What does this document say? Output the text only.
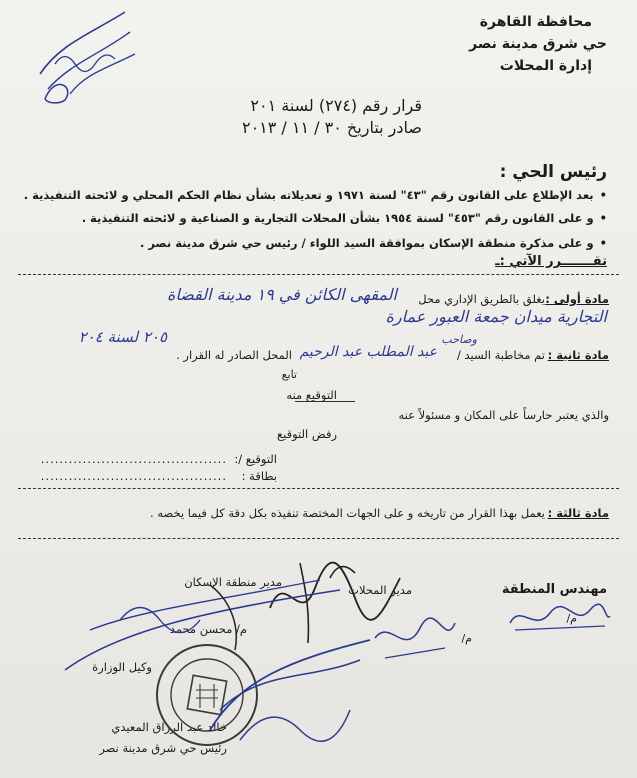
محافظة القاهرة
حي شرق مدينة نصر
إدارة المحلات
قرار رقم (٢٧٤) لسنة ٢٠١
صادر بتاريخ ٣٠ / ١١ / ٢٠١٣
رئيس الحي :
• بعد الإطلاع على القانون رقم "٤٣" لسنة ١٩٧١ و تعديلاته بشأن نظام الحكم المحلي و لائحته التنفيذية .
• و على القانون رقم "٤٥٣" لسنة ١٩٥٤ بشأن المحلات التجارية و الصناعية و لائحته التنفيذية .
• و على مذكرة منطقة الإسكان بموافقة السيد اللواء / رئيس حي شرق مدينة نصر .
تقـــــــرر الآتي :ـ
مادة أولى :
يغلق بالطريق الإداري محل
المقهى الكائن في ١٩ مدينة القضاة
التجارية ميدان جمعة العبور عمارة
٢٠٥ لسنة ٢٠٤	وصاحب
مادة ثانية :
تم مخاطبة السيد /
عبد المطلب عبد الرحيم
المحل الصادر له القرار .
تابع
التوقيع منه
والذي يعتبر حارساً على المكان و مسئولاً عنه
رفض التوقيع
التوقيع /:
........................................
بطاقة :
........................................
مادة ثالثة :
يعمل بهذا القرار من تاريخه و على الجهات المختصة تنفيذه بكل دقة كل فيما يخصه .
مهندس المنطقة
مدير المحلات
مدير منطقة الإسكان
م/ محسن محمد
م/
م/
وكيل الوزارة
خالد عبد الرزاق المعيدي
رئيس حي شرق مدينة نصر
